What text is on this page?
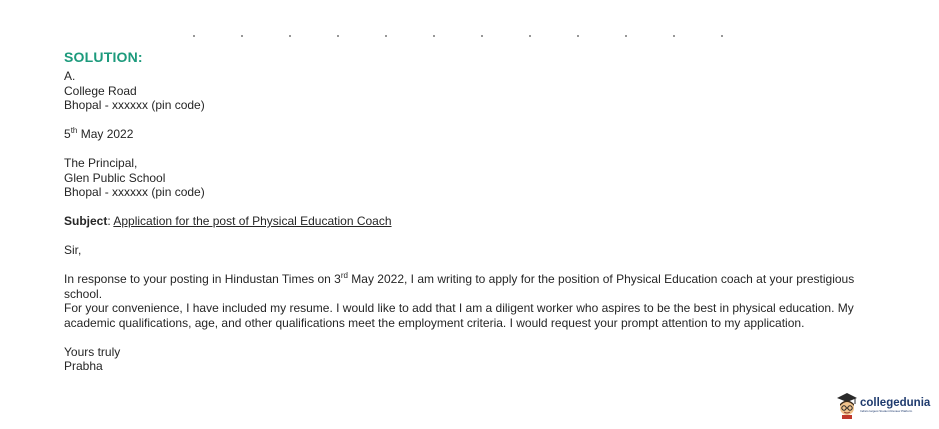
SOLUTION:

A.

College Road

Bhopal - xxxxxx (pin code)

5th May 2022

The Principal,

Glen Public School

Bhopal - xxxxxx (pin code)

Subject: Application for the post of Physical Education Coach

Sir,

In response to your posting in Hindustan Times on 3rd May 2022, I am writing to apply for the position of Physical Education coach at your prestigious school.

For your convenience, I have included my resume. I would like to add that I am a diligent worker who aspires to be the best in physical education. My academic qualifications, age, and other qualifications meet the employment criteria. I would request your prompt attention to my application.

Yours truly

Prabha

collegedunia
India's largest Student Review Platform
